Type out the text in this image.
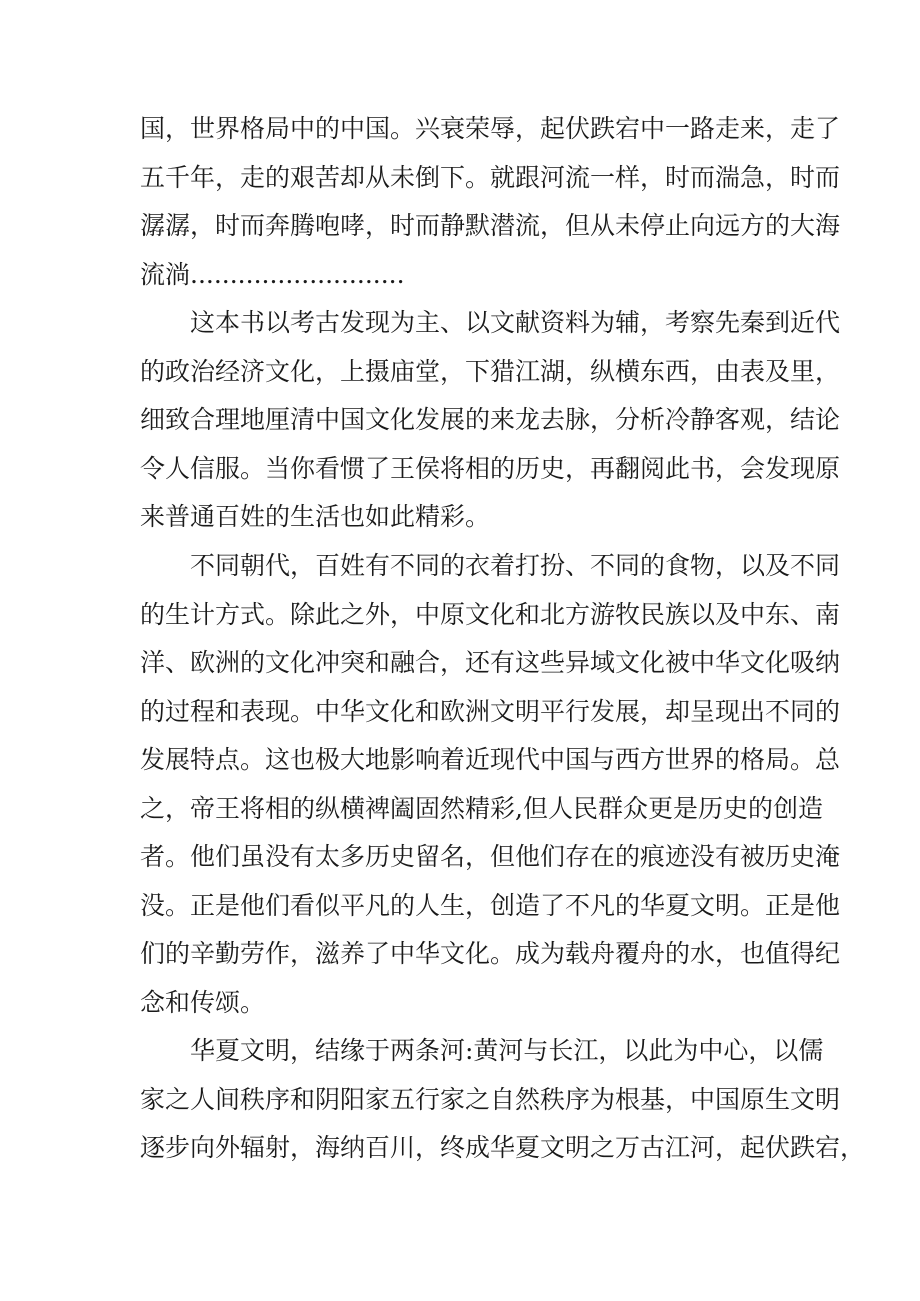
国，世界格局中的中国。兴衰荣辱，起伏跌宕中一路走来，走了
五千年，走的艰苦却从未倒下。就跟河流一样，时而湍急，时而
潺潺，时而奔腾咆哮，时而静默潜流，但从未停止向远方的大海
流淌...........................
这本书以考古发现为主、以文献资料为辅，考察先秦到近代
的政治经济文化，上摄庙堂，下猎江湖，纵横东西，由表及里，
细致合理地厘清中国文化发展的来龙去脉，分析冷静客观，结论
令人信服。当你看惯了王侯将相的历史，再翻阅此书，会发现原
来普通百姓的生活也如此精彩。
不同朝代，百姓有不同的衣着打扮、不同的食物，以及不同
的生计方式。除此之外，中原文化和北方游牧民族以及中东、南
洋、欧洲的文化冲突和融合，还有这些异域文化被中华文化吸纳
的过程和表现。中华文化和欧洲文明平行发展，却呈现出不同的
发展特点。这也极大地影响着近现代中国与西方世界的格局。总
之，帝王将相的纵横裨阖固然精彩,但人民群众更是历史的创造
者。他们虽没有太多历史留名，但他们存在的痕迹没有被历史淹
没。正是他们看似平凡的人生，创造了不凡的华夏文明。正是他
们的辛勤劳作，滋养了中华文化。成为载舟覆舟的水，也值得纪
念和传颂。
华夏文明，结缘于两条河:黄河与长江，以此为中心，以儒
家之人间秩序和阴阳家五行家之自然秩序为根基，中国原生文明
逐步向外辐射，海纳百川，终成华夏文明之万古江河，起伏跌宕，
